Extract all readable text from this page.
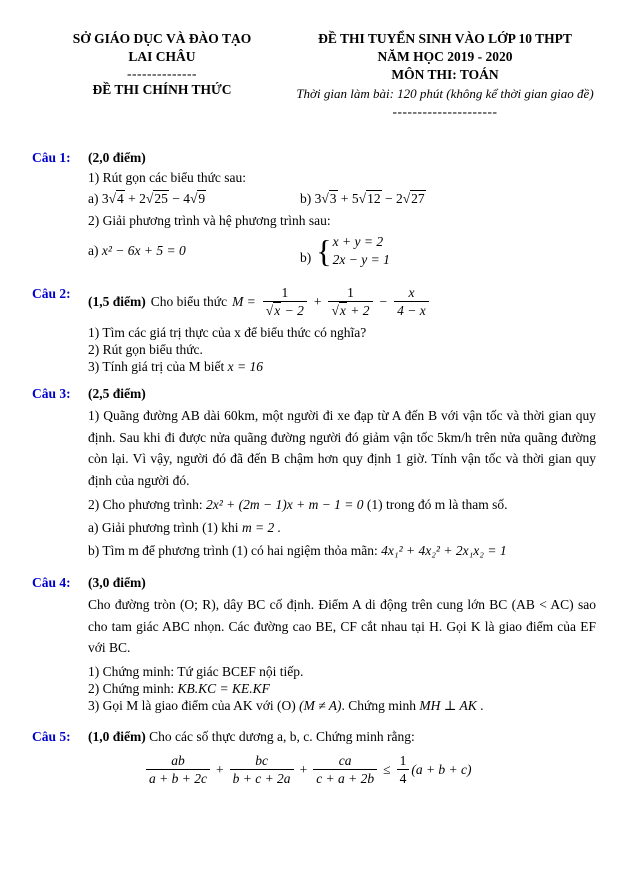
SỞ GIÁO DỤC VÀ ĐÀO TẠO
LAI CHÂU
--------------
ĐỀ THI CHÍNH THỨC
ĐỀ THI TUYỂN SINH VÀO LỚP 10 THPT
NĂM HỌC 2019 - 2020
MÔN THI: TOÁN
Thời gian làm bài: 120 phút (không kể thời gian giao đề)
---------------------
Câu 1:	(2,0 điểm)
1) Rút gọn các biểu thức sau:
a) 3√4 + 2√25 − 4√9	b) 3√3 + 5√12 − 2√27
2) Giải phương trình và hệ phương trình sau:
a) x² − 6x + 5 = 0	b) { x + y = 2
2x − y = 1
Câu 2:
(1,5 điểm) Cho biểu thức $M = \frac{1}{√x - 2} + \frac{1}{√x + 2} - \frac{x}{4 - x}$
1) Tìm các giá trị thực của x để biểu thức có nghĩa?
2) Rút gọn biểu thức.
3) Tính giá trị của M biết x = 16
Câu 3:	(2,5 điểm)
1) Quãng đường AB dài 60km, một người đi xe đạp từ A đến B với vận tốc và thời gian quy định. Sau khi đi được nửa quãng đường người đó giảm vận tốc 5km/h trên nửa quãng đường còn lại. Vì vậy, người đó đã đến B chậm hơn quy định 1 giờ. Tính vận tốc và thời gian quy định của người đó.
2) Cho phương trình: 2x² + (2m − 1)x + m − 1 = 0 (1) trong đó m là tham số.
a) Giải phương trình (1) khi m = 2 .
b) Tìm m để phương trình (1) có hai ngiệm thỏa mãn: 4x₁² + 4x₂² + 2x₁x₂ = 1
Câu 4:	(3,0 điểm)
Cho đường tròn (O; R), dây BC cố định. Điểm A di động trên cung lớn BC (AB < AC) sao cho tam giác ABC nhọn. Các đường cao BE, CF cắt nhau tại H. Gọi K là giao điểm của EF với BC.
1) Chứng minh: Tứ giác BCEF nội tiếp.
2) Chứng minh: KB.KC = KE.KF
3) Gọi M là giao điểm của AK với (O) (M ≠ A). Chứng minh MH ⊥ AK .
Câu 5:	(1,0 điểm) Cho các số thực dương a, b, c. Chứng minh rằng:
$\frac{ab}{a + b + 2c} + \frac{bc}{b + c + 2a} + \frac{ca}{c + a + 2b} \le \frac{1}{4} (a + b + c)$
